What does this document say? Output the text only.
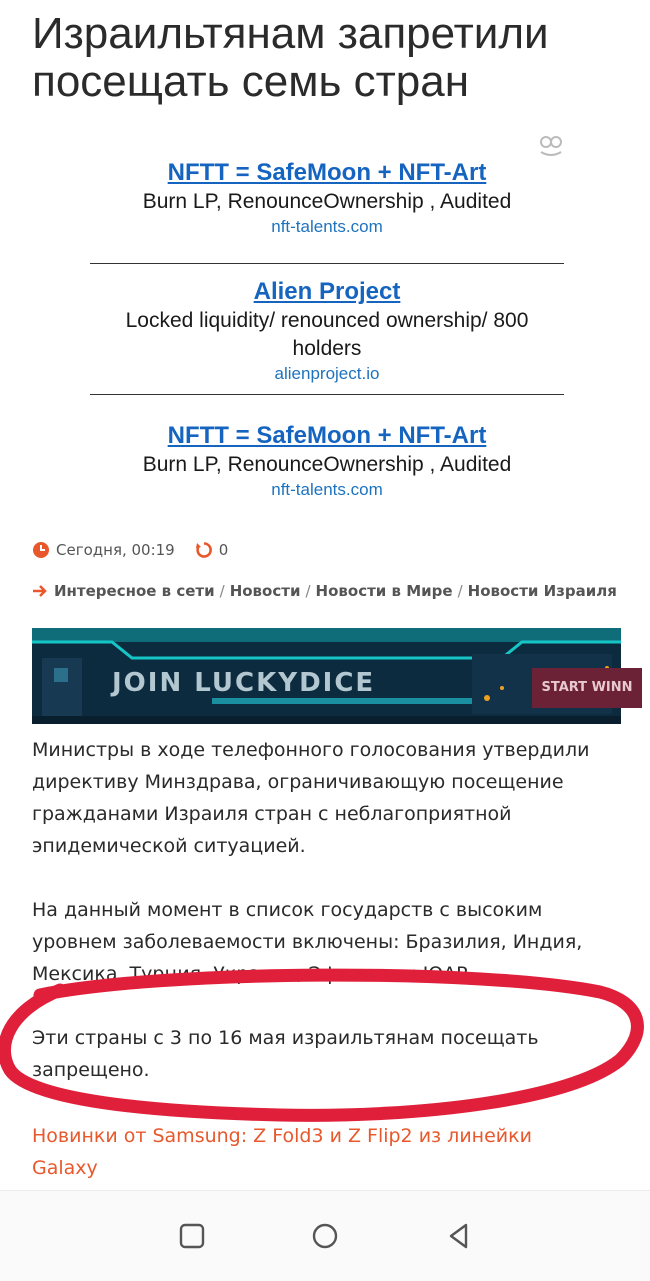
Израильтянам запретили посещать семь стран
NFTT = SafeMoon + NFT-Art
Burn LP, RenounceOwnership , Audited
nft-talents.com
Alien Project
Locked liquidity/ renounced ownership/ 800 holders
alienproject.io
NFTT = SafeMoon + NFT-Art
Burn LP, RenounceOwnership , Audited
nft-talents.com
Сегодня, 00:19	0
Интересное в сети / Новости / Новости в Мире / Новости Израиля
JOIN LUCKYDICE	START WINN

Министры в ходе телефонного голосования утвердили директиву Минздрава, ограничивающую посещение гражданами Израиля стран с неблагоприятной эпидемической ситуацией.

На данный момент в список государств с высоким уровнем заболеваемости включены: Бразилия, Индия, Мексика, Турция, Украина, Эфиопия и ЮАР.

Эти страны с 3 по 16 мая израильтянам посещать запрещено.

Новинки от Samsung: Z Fold3 и Z Flip2 из линейки Galaxy
